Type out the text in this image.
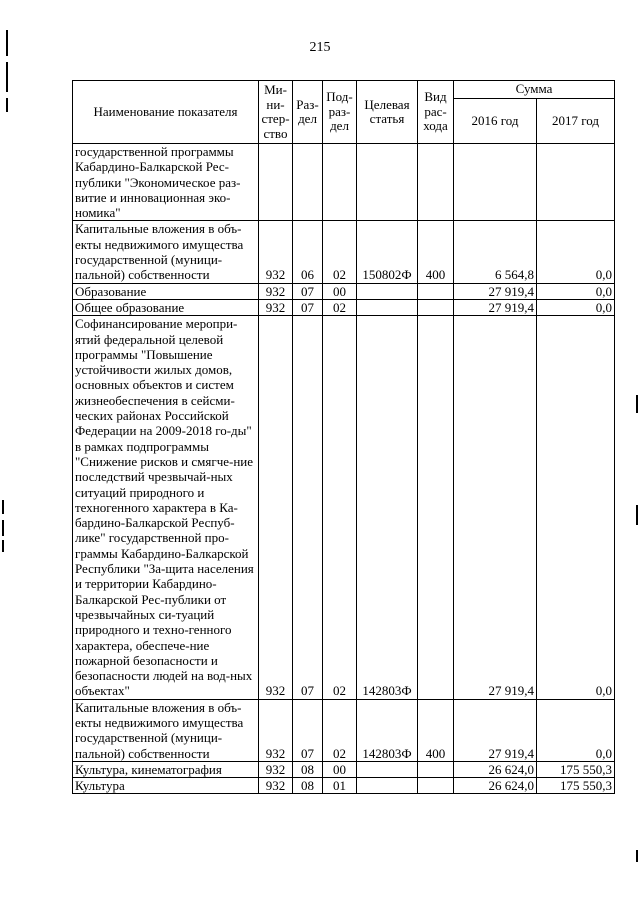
215
Наименование показателя	Ми-ни-стер-ство	Раз-дел	Под-раз-дел	Целевая статья	Вид рас-хода	Сумма	
						2016 год	2017 год
государственной программы Кабардино-Балкарской Рес-публики "Экономическое раз-витие и инновационная эко-номика"							
Капитальные вложения в объ-екты недвижимого имущества государственной (муници-пальной) собственности	932	06	02	150802Ф	400	6 564,8	0,0
Образование	932	07	00			27 919,4	0,0
Общее образование	932	07	02			27 919,4	0,0
Софинансирование меропри-ятий федеральной целевой программы "Повышение устойчивости жилых домов, основных объектов и систем жизнеобеспечения в сейсми-ческих районах Российской Федерации на 2009-2018 го-ды" в рамках подпрограммы "Снижение рисков и смягче-ние последствий чрезвычай-ных ситуаций природного и техногенного характера в Ка-бардино-Балкарской Респуб-лике" государственной про-граммы Кабардино-Балкарской Республики "За-щита населения и территории Кабардино-Балкарской Рес-публики от чрезвычайных си-туаций природного и техно-генного характера, обеспече-ние пожарной безопасности и безопасности людей на вод-ных объектах"	932	07	02	142803Ф		27 919,4	0,0
Капитальные вложения в объ-екты недвижимого имущества государственной (муници-пальной) собственности	932	07	02	142803Ф	400	27 919,4	0,0
Культура, кинематография	932	08	00			26 624,0	175 550,3
Культура	932	08	01			26 624,0	175 550,3
